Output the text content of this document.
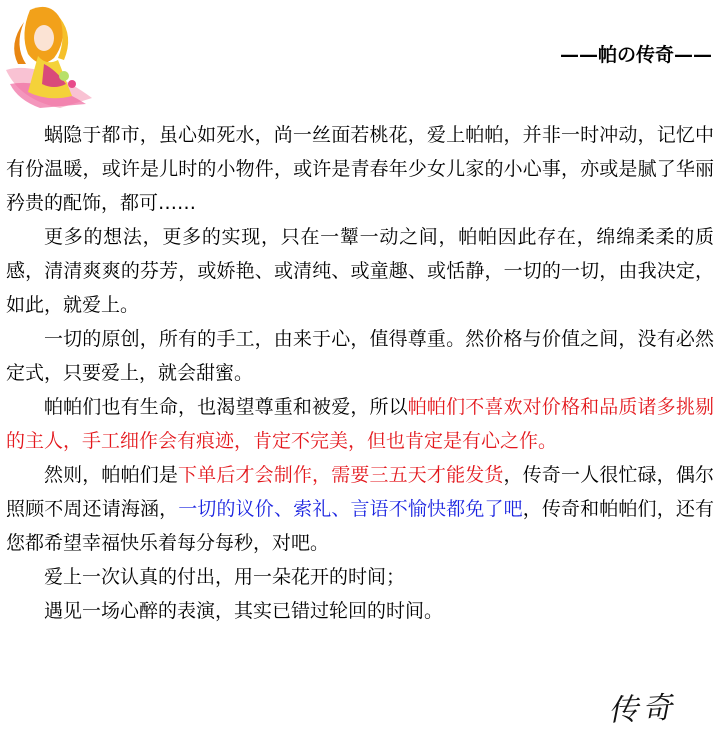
——帕の传奇——

蜗隐于都市，虽心如死水，尚一丝面若桃花，爱上帕帕，并非一时冲动，记忆中有份温暖，或许是儿时的小物件，或许是青春年少女儿家的小心事，亦或是腻了华丽矜贵的配饰，都可……

更多的想法，更多的实现，只在一颦一动之间，帕帕因此存在，绵绵柔柔的质感，清清爽爽的芬芳，或娇艳、或清纯、或童趣、或恬静，一切的一切，由我决定，如此，就爱上。

一切的原创，所有的手工，由来于心，值得尊重。然价格与价值之间，没有必然定式，只要爱上，就会甜蜜。

帕帕们也有生命，也渴望尊重和被爱，所以帕帕们不喜欢对价格和品质诸多挑剔的主人，手工细作会有痕迹，肯定不完美，但也肯定是有心之作。

然则，帕帕们是下单后才会制作，需要三五天才能发货，传奇一人很忙碌，偶尔照顾不周还请海涵，一切的议价、索礼、言语不愉快都免了吧，传奇和帕帕们，还有您都希望幸福快乐着每分每秒，对吧。

爱上一次认真的付出，用一朵花开的时间；

遇见一场心醉的表演，其实已错过轮回的时间。

传奇
